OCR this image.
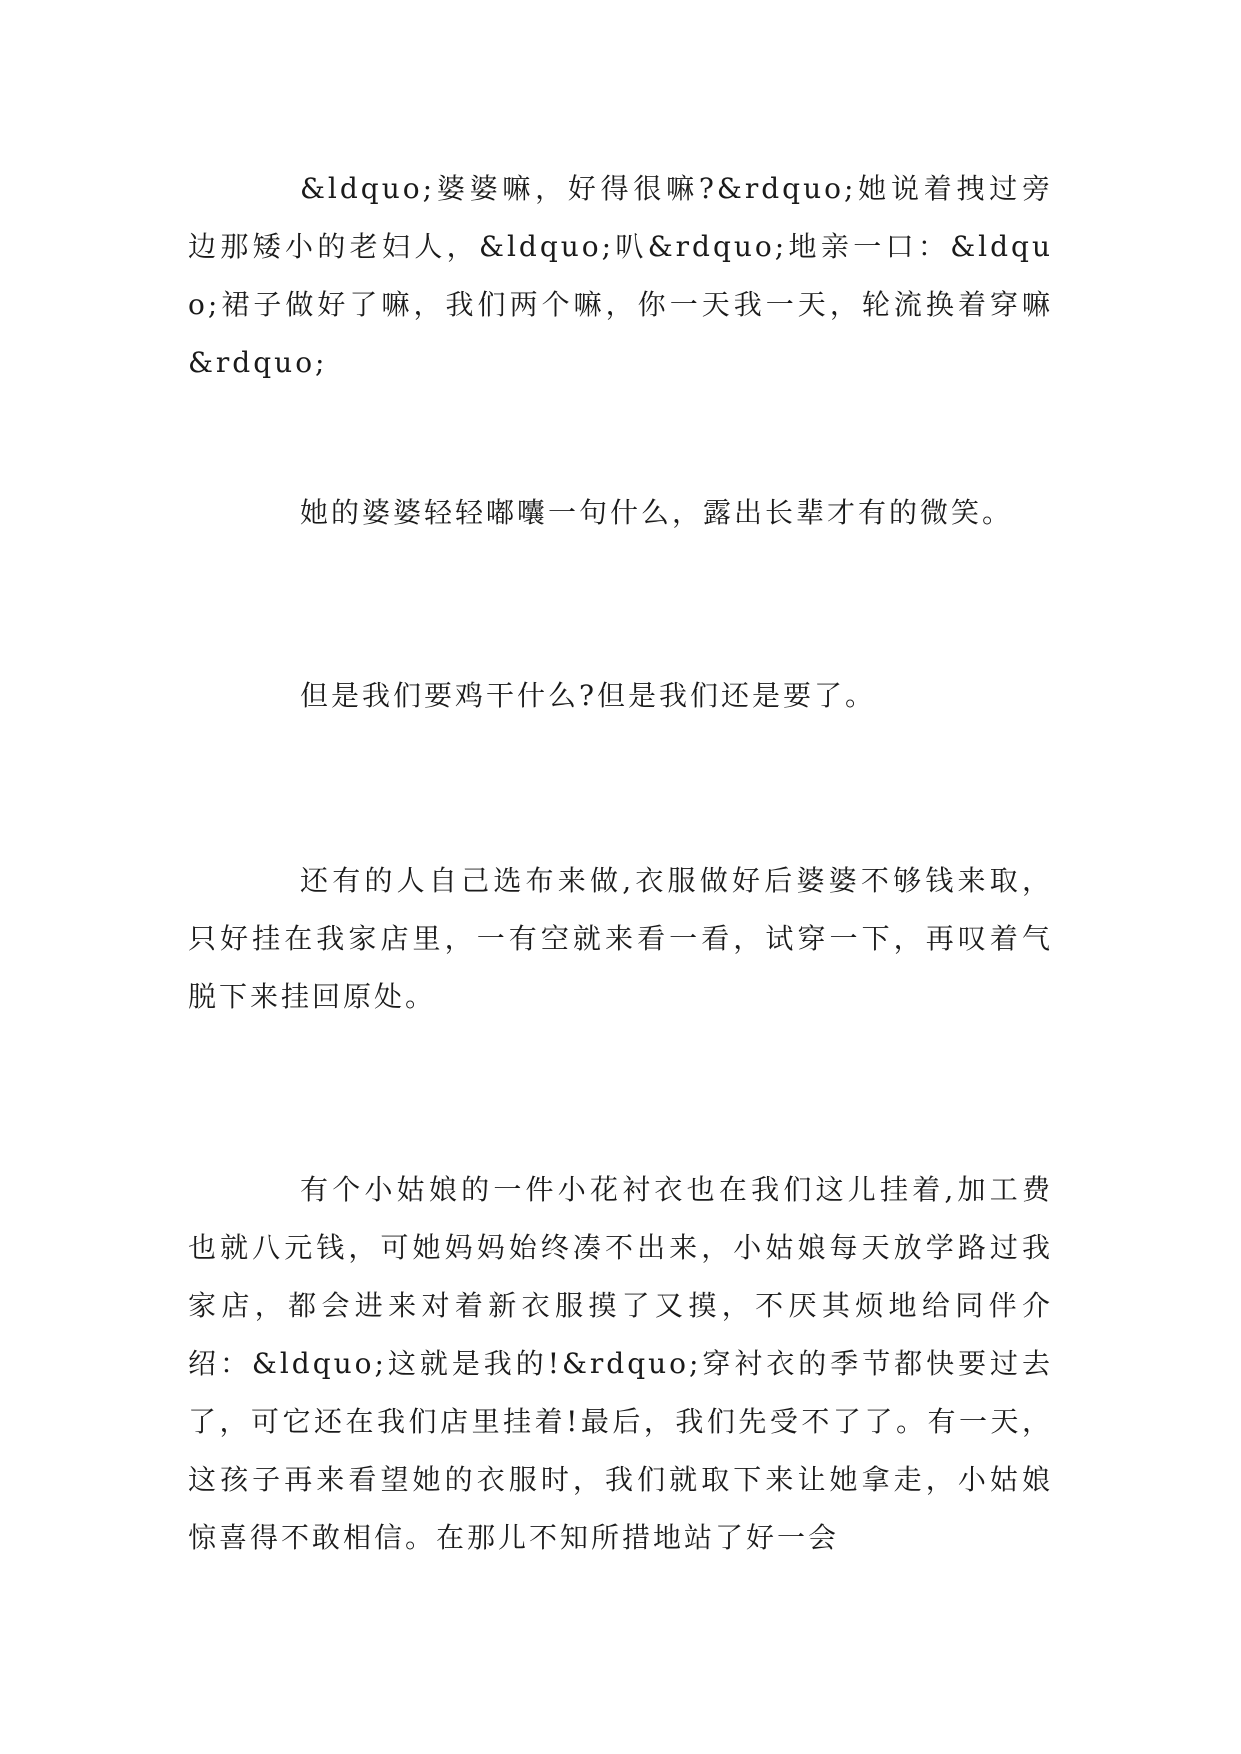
&ldquo;婆婆嘛，好得很嘛?&rdquo;她说着拽过旁边那矮小的老妇人，&ldquo;叭&rdquo;地亲一口：&ldquo;裙子做好了嘛，我们两个嘛，你一天我一天，轮流换着穿嘛&rdquo;

她的婆婆轻轻嘟囔一句什么，露出长辈才有的微笑。

但是我们要鸡干什么?但是我们还是要了。

还有的人自己选布来做,衣服做好后婆婆不够钱来取，只好挂在我家店里，一有空就来看一看，试穿一下，再叹着气脱下来挂回原处。

有个小姑娘的一件小花衬衣也在我们这儿挂着,加工费也就八元钱，可她妈妈始终凑不出来，小姑娘每天放学路过我家店，都会进来对着新衣服摸了又摸，不厌其烦地给同伴介绍：&ldquo;这就是我的!&rdquo;穿衬衣的季节都快要过去了，可它还在我们店里挂着!最后，我们先受不了了。有一天，这孩子再来看望她的衣服时，我们就取下来让她拿走，小姑娘惊喜得不敢相信。在那儿不知所措地站了好一会
